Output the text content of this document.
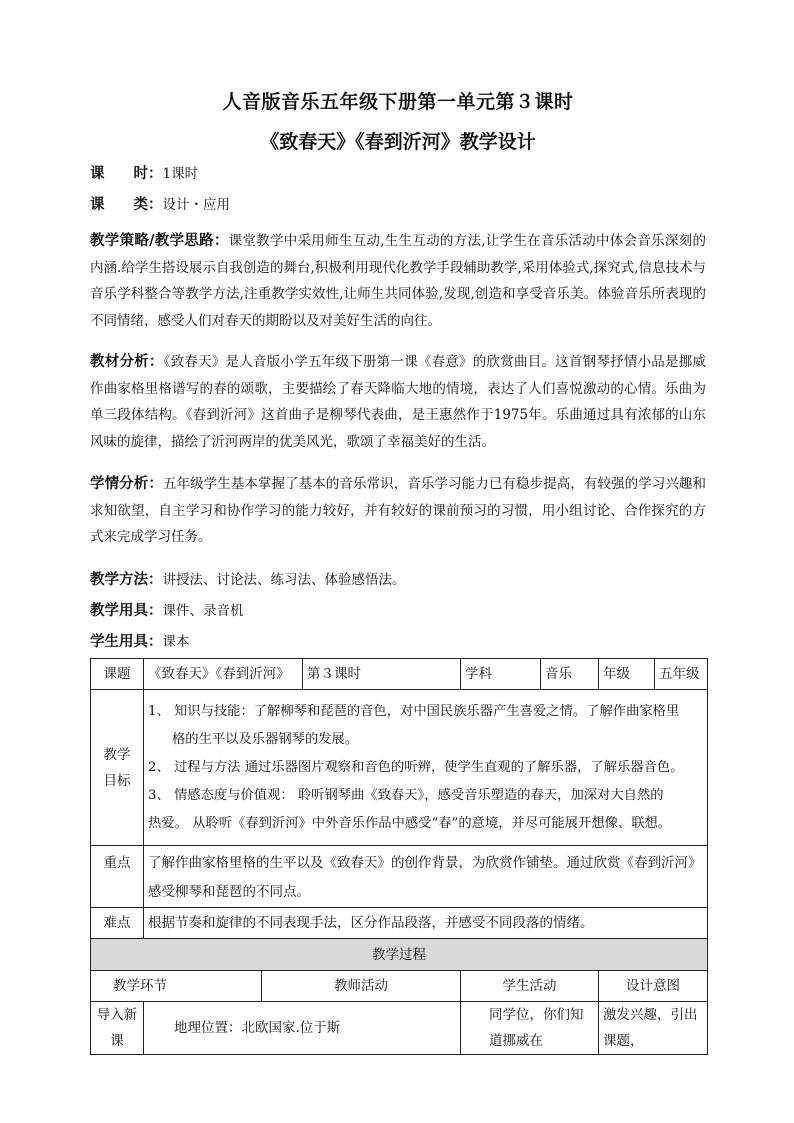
人音版音乐五年级下册第一单元第３课时
《致春天》《春到沂河》教学设计
课　　时：1课时
课　　类：设计・应用
教学策略/教学思路：课堂教学中采用师生互动,生生互动的方法,让学生在音乐活动中体会音乐深刻的内涵.给学生搭设展示自我创造的舞台,积极利用现代化教学手段辅助教学,采用体验式,探究式,信息技术与音乐学科整合等教学方法,注重教学实效性,让师生共同体验,发现,创造和享受音乐美。体验音乐所表现的不同情绪，感受人们对春天的期盼以及对美好生活的向往。
教材分析：《致春天》是人音版小学五年级下册第一课《春意》的欣赏曲目。这首钢琴抒情小品是挪威作曲家格里格谱写的春的颂歌，主要描绘了春天降临大地的情境，表达了人们喜悦激动的心情。乐曲为单三段体结构。《春到沂河》这首曲子是柳琴代表曲，是王惠然作于1975年。乐曲通过具有浓郁的山东风味的旋律，描绘了沂河两岸的优美风光，歌颂了幸福美好的生活。
学情分析：五年级学生基本掌握了基本的音乐常识，音乐学习能力已有稳步提高，有较强的学习兴趣和求知欲望，自主学习和协作学习的能力较好，并有较好的课前预习的习惯，用小组讨论、合作探究的方式来完成学习任务。
教学方法：讲授法、讨论法、练习法、体验感悟法。
教学用具：课件、录音机
学生用具：课本
课题	《致春天》《春到沂河》		第３课时	学科	音乐	年级	五年级
教学目标	1、 知识与技能：了解柳琴和琵琶的音色，对中国民族乐器产生喜爱之情。了解作曲家格里
格的生平以及乐器钢琴的发展。
2、 过程与方法 通过乐器图片观察和音色的听辨，使学生直观的了解乐器，了解乐器音色。
3、 情感态度与价值观： 聆听钢琴曲《致春天》，感受音乐塑造的春天，加深对大自然的
热爱。 从聆听《春到沂河》中外音乐作品中感受“春”的意境，并尽可能展开想像、联想。						

重点	了解作曲家格里格的生平以及《致春天》的创作背景，为欣赏作铺垫。通过欣赏《春到沂河》感受柳琴和琵琶的不同点。						
难点	根据节奏和旋律的不同表现手法，区分作品段落，并感受不同段落的情绪。						
教学过程							
教学环节		教师活动		学生活动		设计意图	
导入新课	地理位置：北欧国家.位于斯			同学位，你们知道挪威在		激发兴趣，引出课题，	
